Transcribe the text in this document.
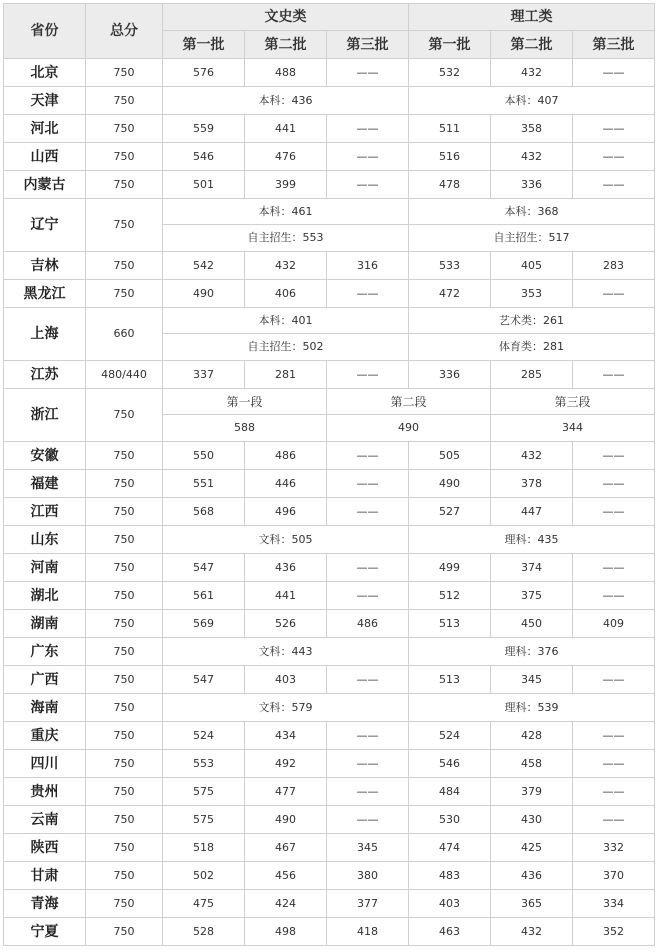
省份	总分	文史类			理工类		
		第一批	第二批	第三批	第一批	第二批	第三批
北京	750	576	488	——	532	432	——
天津	750	本科：436			本科：407		
河北	750	559	441	——	511	358	——
山西	750	546	476	——	516	432	——
内蒙古	750	501	399	——	478	336	——
辽宁	750	本科：461			本科：368		
		自主招生：553			自主招生：517		
吉林	750	542	432	316	533	405	283
黑龙江	750	490	406	——	472	353	——
上海	660	本科：401			艺术类：261		
		自主招生：502			体育类：281		
江苏	480/440	337	281	——	336	285	——
浙江	750	第一段		第二段		第三段	
		588		490		344	
安徽	750	550	486	——	505	432	——
福建	750	551	446	——	490	378	——
江西	750	568	496	——	527	447	——
山东	750	文科：505			理科：435		
河南	750	547	436	——	499	374	——
湖北	750	561	441	——	512	375	——
湖南	750	569	526	486	513	450	409
广东	750	文科：443			理科：376		
广西	750	547	403	——	513	345	——
海南	750	文科：579			理科：539		
重庆	750	524	434	——	524	428	——
四川	750	553	492	——	546	458	——
贵州	750	575	477	——	484	379	——
云南	750	575	490	——	530	430	——
陕西	750	518	467	345	474	425	332
甘肃	750	502	456	380	483	436	370
青海	750	475	424	377	403	365	334
宁夏	750	528	498	418	463	432	352
